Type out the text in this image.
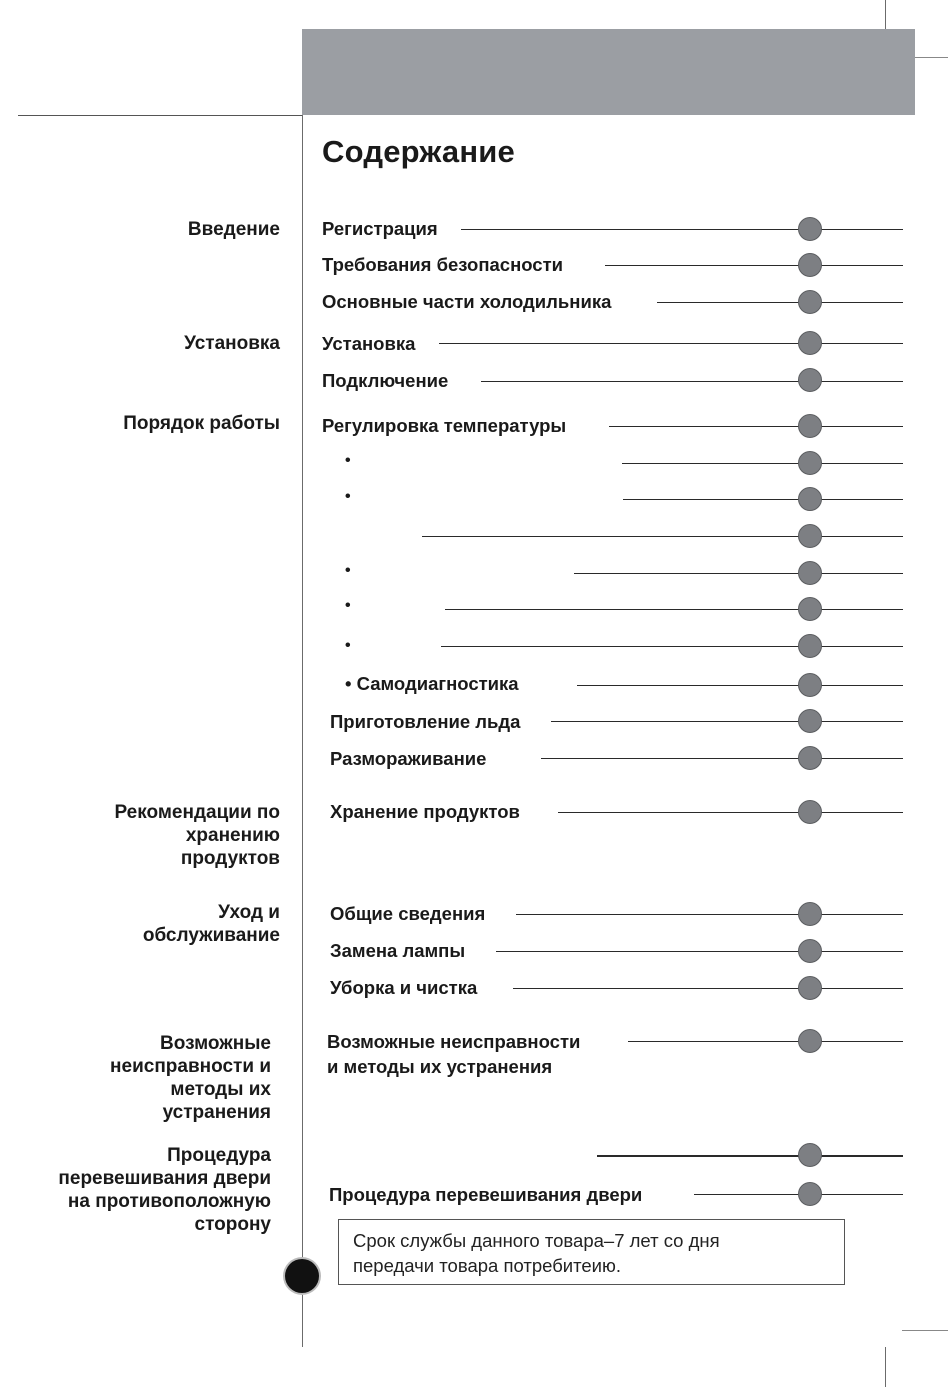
Содержание
Введение
Установка
Порядок работы
Рекомендации по
хранению
продуктов
Уход и
обслуживание
Возможные
неисправности и
методы их
устранения
Процедура
перевешивания двери
на противоположную
сторону
Регистрация
Требования безопасности
Основные части холодильника
Установка
Подключение
Регулировка температуры
•
•
•
•
•
• Самодиагностика
Приготовление льда
Размораживание
Хранение продуктов
Общие сведения
Замена лампы
Уборка и чистка
Возможные неисправности
и методы их устранения
Процедура перевешивания двери
Срок службы данного товара–7 лет со дня
передачи товара потребитеию.
